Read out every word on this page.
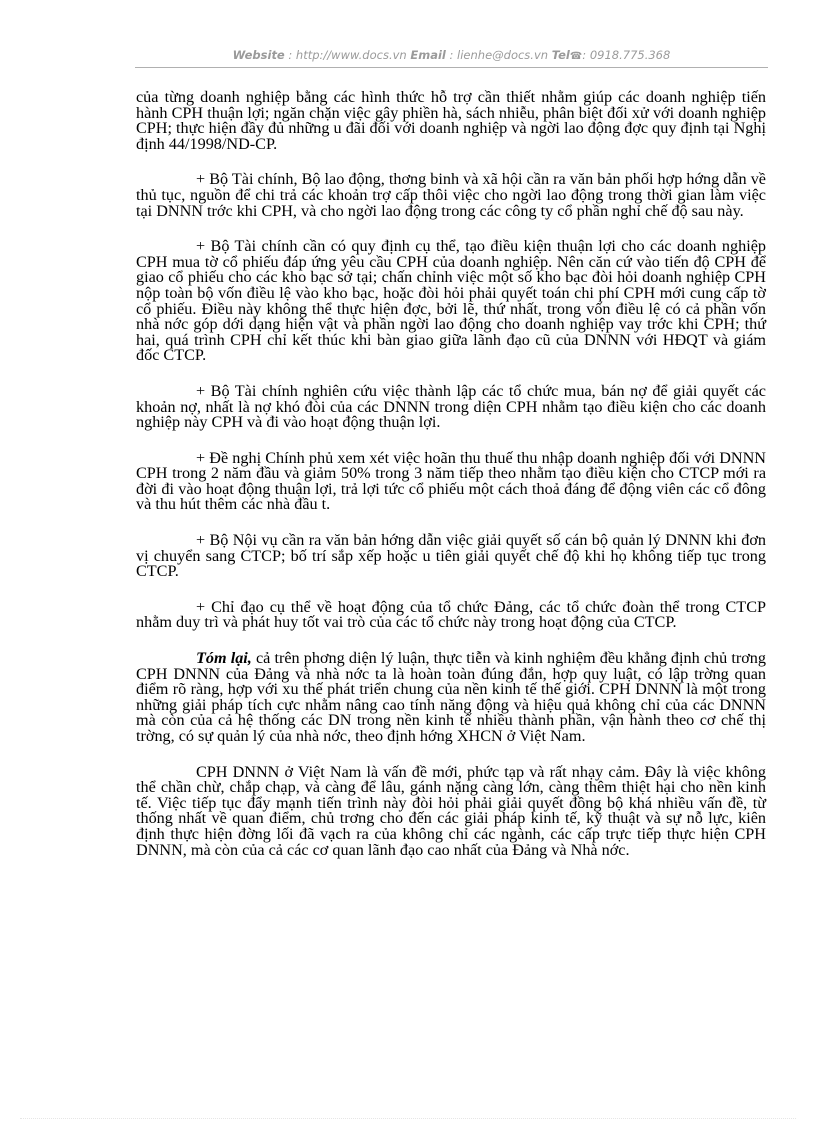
Website : http://www.docs.vn Email : lienhe@docs.vn Tel☎: 0918.775.368

của từng doanh nghiệp bằng các hình thức hỗ trợ cần thiết nhằm giúp các doanh nghiệp tiến hành CPH thuận lợi; ngăn chặn việc gây phiền hà, sách nhiễu, phân biệt đối xử với doanh nghiệp CPH; thực hiện đầy đủ những u đãi đối với doanh nghiệp và ngời lao động đợc quy định tại Nghị định 44/1998/ND-CP.

+ Bộ Tài chính, Bộ lao động, thơng binh và xã hội cần ra văn bản phối hợp hớng dẫn về thủ tục, nguồn để chi trả các khoản trợ cấp thôi việc cho ngời lao động trong thời gian làm việc tại DNNN trớc khi CPH, và cho ngời lao động trong các công ty cổ phần nghỉ chế độ sau này.

+ Bộ Tài chính cần có quy định cụ thể, tạo điều kiện thuận lợi cho các doanh nghiệp CPH mua tờ cổ phiếu đáp ứng yêu cầu CPH của doanh nghiệp. Nên căn cứ vào tiến độ CPH để giao cổ phiếu cho các kho bạc sở tại; chấn chỉnh việc một số kho bạc đòi hỏi doanh nghiệp CPH nộp toàn bộ vốn điều lệ vào kho bạc, hoặc đòi hỏi phải quyết toán chi phí CPH mới cung cấp tờ cổ phiếu. Điều này không thể thực hiện đợc, bởi lẽ, thứ nhất, trong vốn điều lệ có cả phần vốn nhà nớc góp dới dạng hiện vật và phần ngời lao động cho doanh nghiệp vay trớc khi CPH; thứ hai, quá trình CPH chỉ kết thúc khi bàn giao giữa lãnh đạo cũ của DNNN với HĐQT và giám đốc CTCP.

+ Bộ Tài chính nghiên cứu việc thành lập các tổ chức mua, bán nợ để giải quyết các khoản nợ, nhất là nợ khó đòi của các DNNN trong diện CPH nhằm tạo điều kiện cho các doanh nghiệp này CPH và đi vào hoạt động thuận lợi.

+ Đề nghị Chính phủ xem xét việc hoãn thu thuế thu nhập doanh nghiệp đối với DNNN CPH trong 2 năm đầu và giảm 50% trong 3 năm tiếp theo nhằm tạo điều kiện cho CTCP mới ra đời đi vào hoạt động thuận lợi, trả lợi tức cổ phiếu một cách thoả đáng để động viên các cổ đông và thu hút thêm các nhà đầu t.

+ Bộ Nội vụ cần ra văn bản hớng dẫn việc giải quyết số cán bộ quản lý DNNN khi đơn vị chuyển sang CTCP; bố trí sắp xếp hoặc u tiên giải quyết chế độ khi họ không tiếp tục trong CTCP.

+ Chỉ đạo cụ thể về hoạt động của tổ chức Đảng, các tổ chức đoàn thể trong CTCP nhằm duy trì và phát huy tốt vai trò của các tổ chức này trong hoạt động của CTCP.

Tóm lại, cả trên phơng diện lý luận, thực tiễn và kinh nghiệm đều khẳng định chủ trơng CPH DNNN của Đảng và nhà nớc ta là hoàn toàn đúng đắn, hợp quy luật, có lập trờng quan điểm rõ ràng, hợp với xu thế phát triển chung của nền kinh tế thế giới. CPH DNNN là một trong những giải pháp tích cực nhằm nâng cao tính năng động và hiệu quả không chỉ của các DNNN mà còn của cả hệ thống các DN trong nền kinh tế nhiều thành phần, vận hành theo cơ chế thị trờng, có sự quản lý của nhà nớc, theo định hớng XHCN ở Việt Nam.

CPH DNNN ở Việt Nam là vấn đề mới, phức tạp và rất nhạy cảm. Đây là việc không thể chần chừ, chắp chạp, và càng để lâu, gánh nặng càng lớn, càng thêm thiệt hại cho nền kinh tế. Việc tiếp tục đẩy mạnh tiến trình này đòi hỏi phải giải quyết đồng bộ khá nhiều vấn đề, từ thống nhất về quan điểm, chủ trơng cho đến các giải pháp kinh tế, kỹ thuật và sự nỗ lực, kiên định thực hiện đờng lối đã vạch ra của không chỉ các ngành, các cấp trực tiếp thực hiện CPH DNNN, mà còn của cả các cơ quan lãnh đạo cao nhất của Đảng và Nhà nớc.
